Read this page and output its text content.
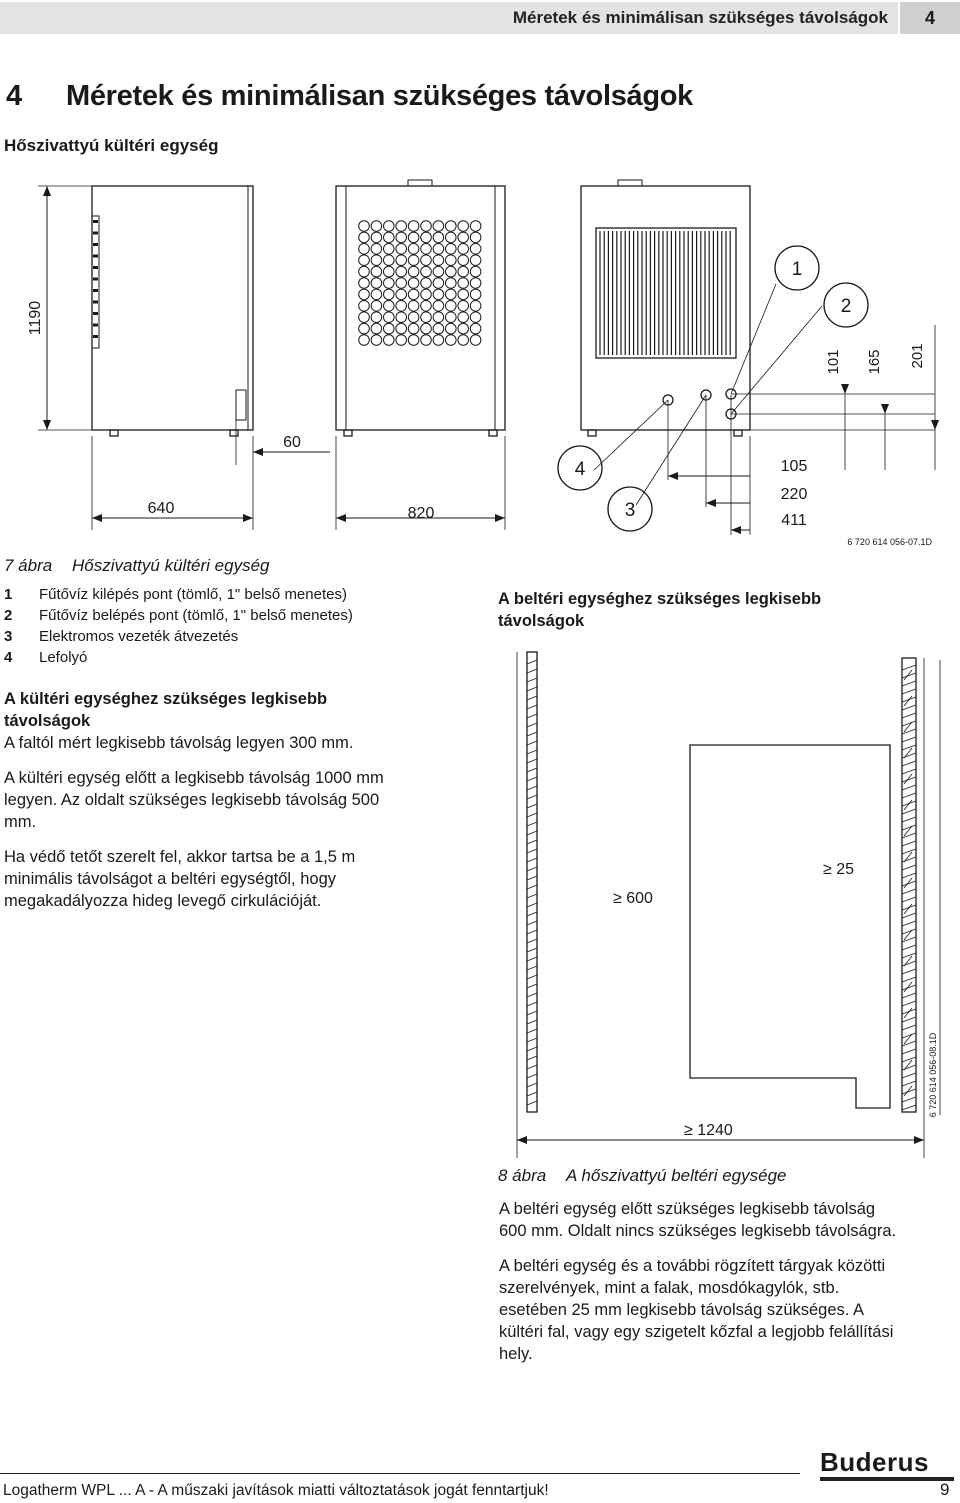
Méretek és minimálisan szükséges távolságok	4
4 Méretek és minimálisan szükséges távolságok
Hőszivattyú kültéri egység
1190
60
640	820
105
220
411
101 165 201
1
2
4
3
6 720 614 056-07.1D
7 ábra Hőszivattyú kültéri egység
1 Fűtővíz kilépés pont (tömlő, 1" belső menetes)
2 Fűtővíz belépés pont (tömlő, 1" belső menetes)
3 Elektromos vezeték átvezetés
4 Lefolyó
A kültéri egységhez szükséges legkisebb
távolságok
A faltól mért legkisebb távolság legyen 300 mm.
A kültéri egység előtt a legkisebb távolság 1000 mm
legyen. Az oldalt szükséges legkisebb távolság 500
mm.
Ha védő tetőt szerelt fel, akkor tartsa be a 1,5 m
minimális távolságot a beltéri egységtől, hogy
megakadályozza hideg levegő cirkulációját.
A beltéri egységhez szükséges legkisebb
távolságok
≥ 600
≥ 25
≥ 1240
6 720 614 056-08.1D
8 ábra A hőszivattyú beltéri egysége
A beltéri egység előtt szükséges legkisebb távolság
600 mm. Oldalt nincs szükséges legkisebb távolságra.
A beltéri egység és a további rögzített tárgyak közötti
szerelvények, mint a falak, mosdókagylók, stb.
esetében 25 mm legkisebb távolság szükséges. A
kültéri fal, vagy egy szigetelt kőzfal a legjobb felállítási
hely.
Buderus
Logatherm WPL ... A - A műszaki javítások miatti változtatások jogát fenntartjuk!	9
